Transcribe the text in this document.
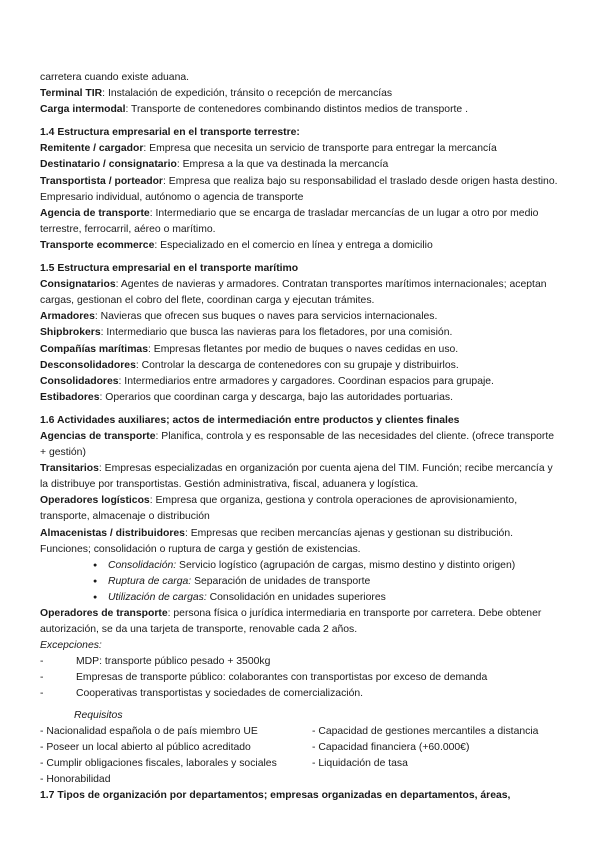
carretera cuando existe aduana.

Terminal TIR: Instalación de expedición, tránsito o recepción de mercancías

Carga intermodal: Transporte de contenedores combinando distintos medios de transporte .

1.4 Estructura empresarial en el transporte terrestre:

Remitente / cargador: Empresa que necesita un servicio de transporte para entregar la mercancía

Destinatario / consignatario: Empresa a la que va destinada la mercancía

Transportista / porteador: Empresa que realiza bajo su responsabilidad el traslado desde origen hasta destino. Empresario individual, autónomo o agencia de transporte

Agencia de transporte: Intermediario que se encarga de trasladar mercancías de un lugar a otro por medio terrestre, ferrocarril, aéreo o marítimo.

Transporte ecommerce: Especializado en el comercio en línea y entrega a domicilio

1.5 Estructura empresarial en el transporte marítimo

Consignatarios: Agentes de navieras y armadores. Contratan transportes marítimos internacionales; aceptan cargas, gestionan el cobro del flete, coordinan carga y ejecutan trámites.

Armadores: Navieras que ofrecen sus buques o naves para servicios internacionales.

Shipbrokers: Intermediario que busca las navieras para los fletadores, por una comisión.

Compañías marítimas: Empresas fletantes por medio de buques o naves cedidas en uso.

Desconsolidadores: Controlar la descarga de contenedores con su grupaje y distribuirlos.

Consolidadores: Intermediarios entre armadores y cargadores. Coordinan espacios para grupaje.

Estibadores: Operarios que coordinan carga y descarga, bajo las autoridades portuarias.

1.6 Actividades auxiliares; actos de intermediación entre productos y clientes finales

Agencias de transporte: Planifica, controla y es responsable de las necesidades del cliente. (ofrece transporte + gestión)

Transitarios: Empresas especializadas en organización por cuenta ajena del TIM. Función; recibe mercancía y la distribuye por transportistas. Gestión administrativa, fiscal, aduanera y logística.

Operadores logísticos: Empresa que organiza, gestiona y controla operaciones de aprovisionamiento, transporte, almacenaje o distribución

Almacenistas / distribuidores: Empresas que reciben mercancías ajenas y gestionan su distribución. Funciones; consolidación o ruptura de carga y gestión de existencias.

● Consolidación: Servicio logístico (agrupación de cargas, mismo destino y distinto origen)
● Ruptura de carga: Separación de unidades de transporte
● Utilización de cargas: Consolidación en unidades superiores

Operadores de transporte: persona física o jurídica intermediaria en transporte por carretera. Debe obtener autorización, se da una tarjeta de transporte, renovable cada 2 años.

Excepciones:

- MDP: transporte público pesado + 3500kg
- Empresas de transporte público: colaborantes con transportistas por exceso de demanda
- Cooperativas transportistas y sociedades de comercialización.

Requisitos

- Nacionalidad española o de país miembro UE	- Capacidad de gestiones mercantiles a distancia
- Poseer un local abierto al público acreditado	- Capacidad financiera (+60.000€)
- Cumplir obligaciones fiscales, laborales y sociales	- Liquidación de tasa
- Honorabilidad

1.7 Tipos de organización por departamentos; empresas organizadas en departamentos, áreas,
